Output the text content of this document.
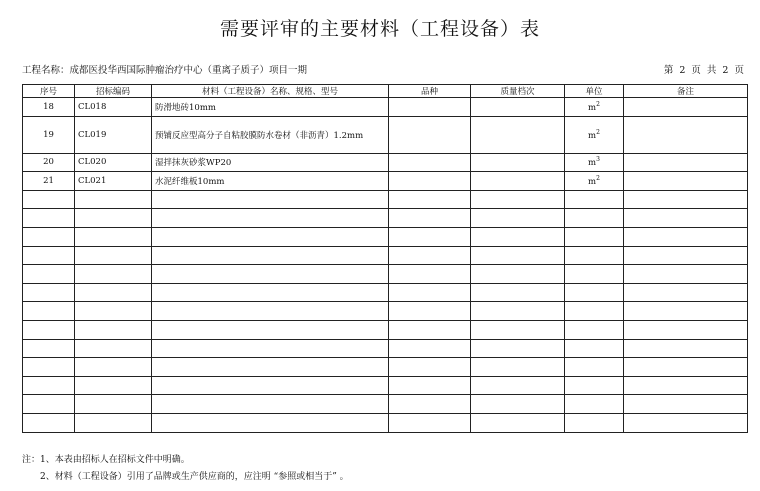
需要评审的主要材料（工程设备）表
工程名称：成都医投华西国际肿瘤治疗中心（重离子质子）项目一期	第 2 页 共 2 页
序号	招标编码	材料（工程设备）名称、规格、型号	品种	质量档次	单位	备注
18	CL018	防滑地砖10mm			$m^2$	
19	CL019	预铺反应型高分子自粘胶膜防水卷材（非沥青）1.2mm			$m^2$	
20	CL020	湿拌抹灰砂浆WP20			$m^3$	
21	CL021	水泥纤维板10mm			$m^2$	

注：1、本表由招标人在招标文件中明确。
2、材料（工程设备）引用了品牌或生产供应商的，应注明 “参照或相当于” 。
